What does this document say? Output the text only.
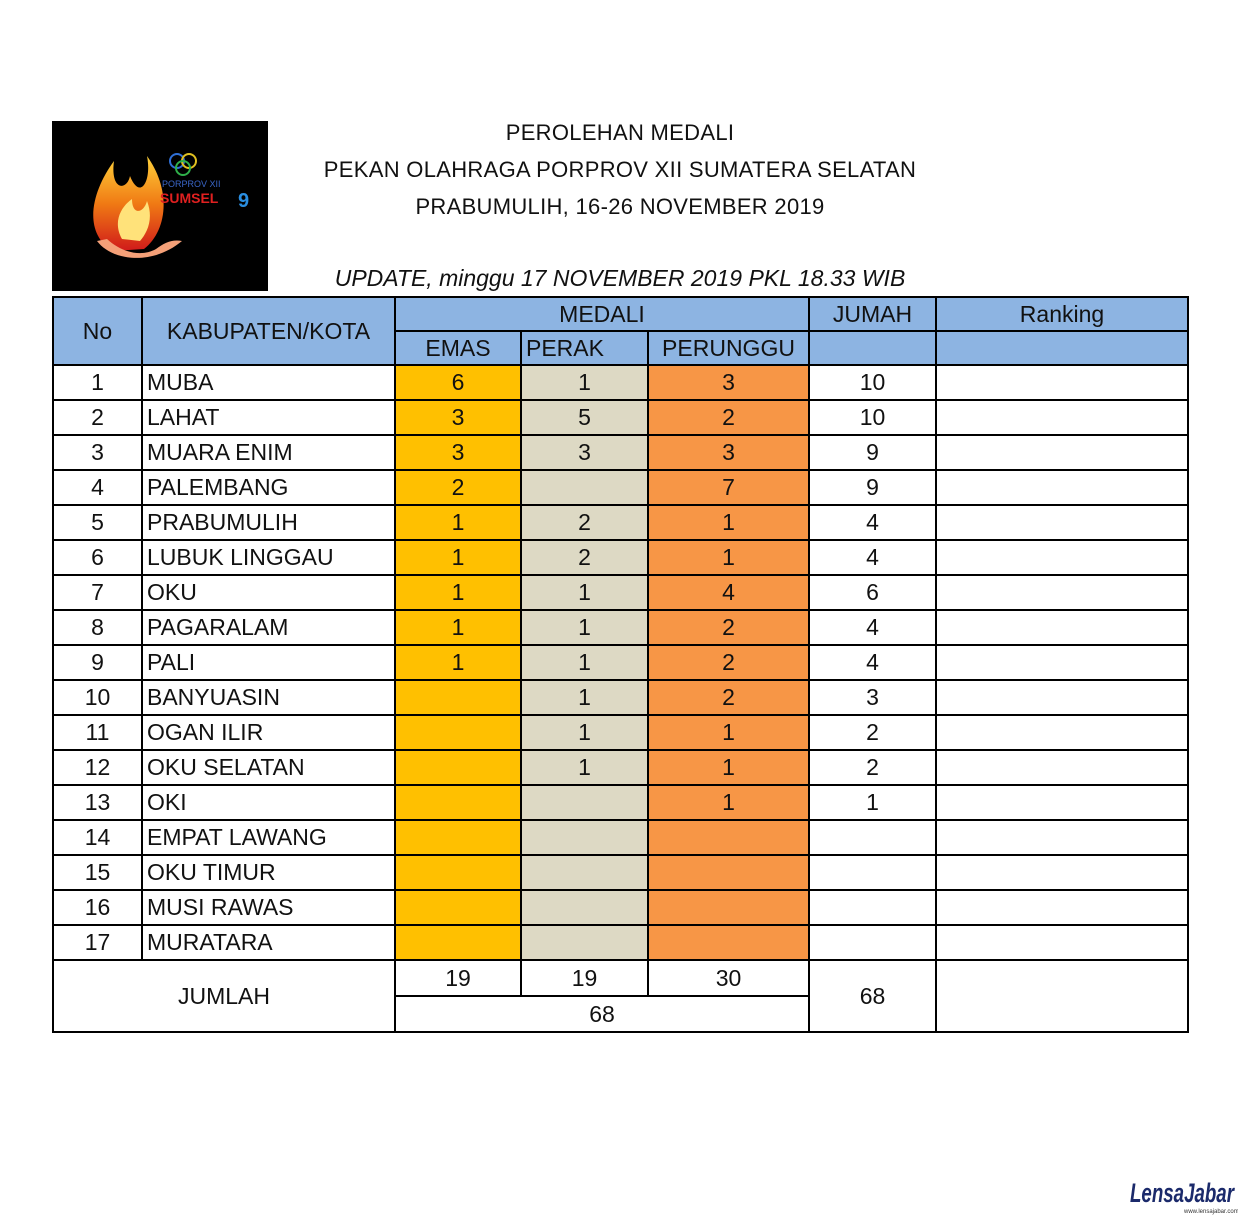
PORPROV XII
SUMSEL 9
PEROLEHAN MEDALI
PEKAN OLAHRAGA PORPROV XII SUMATERA SELATAN
PRABUMULIH, 16-26 NOVEMBER 2019
UPDATE, minggu 17 NOVEMBER 2019 PKL 18.33 WIB
No	KABUPATEN/KOTA	MEDALI			JUMAH	Ranking
		EMAS	PERAK	PERUNGGU		
1	MUBA	6	1	3	10	
2	LAHAT	3	5	2	10	
3	MUARA ENIM	3	3	3	9	
4	PALEMBANG	2		7	9	
5	PRABUMULIH	1	2	1	4	
6	LUBUK LINGGAU	1	2	1	4	
7	OKU	1	1	4	6	
8	PAGARALAM	1	1	2	4	
9	PALI	1	1	2	4	
10	BANYUASIN		1	2	3	
11	OGAN ILIR		1	1	2	
12	OKU SELATAN		1	1	2	
13	OKI			1	1	
14	EMPAT LAWANG					
15	OKU TIMUR					
16	MUSI RAWAS					
17	MURATARA					
JUMLAH		19	19	30	68	
		68				
LensaJabar
www.lensajabar.com
